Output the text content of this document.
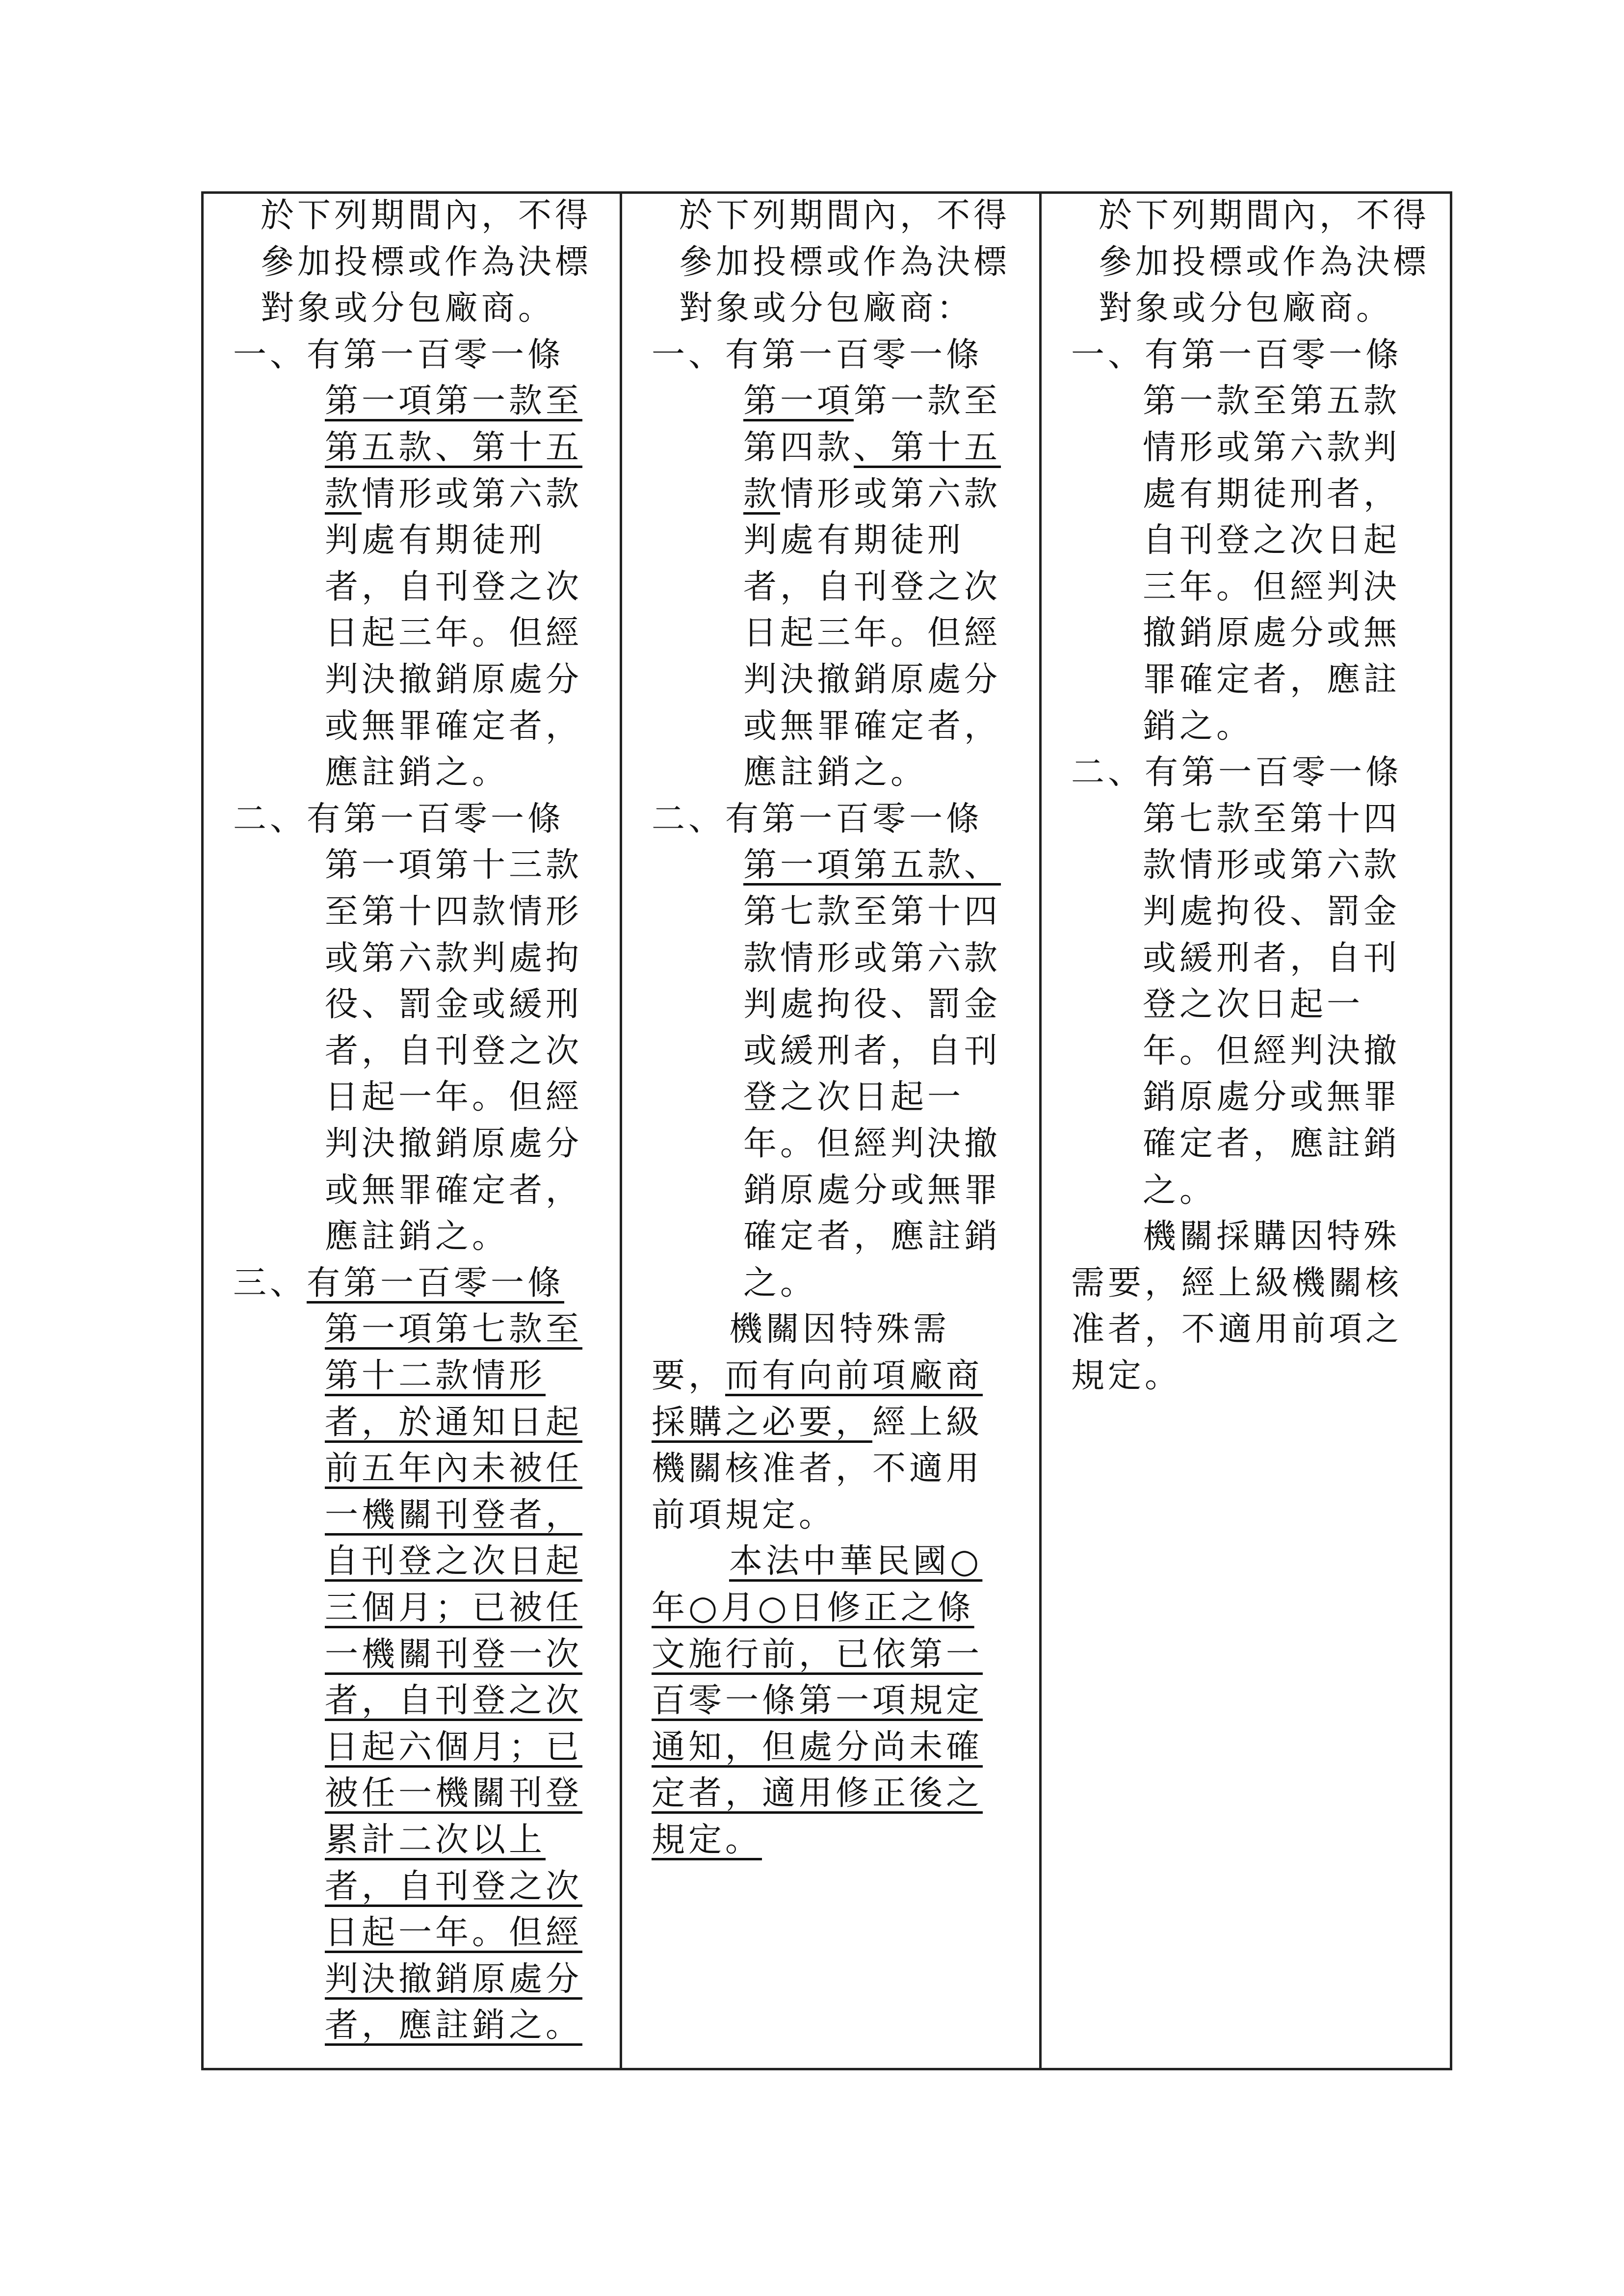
於下列期間內，不得
參加投標或作為決標
對象或分包廠商。
一、有第一百零一條
第一項第一款至
第五款、第十五
款情形或第六款
判處有期徒刑
者，自刊登之次
日起三年。但經
判決撤銷原處分
或無罪確定者，
應註銷之。
二、有第一百零一條
第一項第十三款
至第十四款情形
或第六款判處拘
役、罰金或緩刑
者，自刊登之次
日起一年。但經
判決撤銷原處分
或無罪確定者，
應註銷之。
三、有第一百零一條
第一項第七款至
第十二款情形
者，於通知日起
前五年內未被任
一機關刊登者，
自刊登之次日起
三個月；已被任
一機關刊登一次
者，自刊登之次
日起六個月；已
被任一機關刊登
累計二次以上
者，自刊登之次
日起一年。但經
判決撤銷原處分
者，應註銷之。
於下列期間內，不得
參加投標或作為決標
對象或分包廠商：
一、有第一百零一條
第一項第一款至
第四款、第十五
款情形或第六款
判處有期徒刑
者，自刊登之次
日起三年。但經
判決撤銷原處分
或無罪確定者，
應註銷之。
二、有第一百零一條
第一項第五款、
第七款至第十四
款情形或第六款
判處拘役、罰金
或緩刑者，自刊
登之次日起一
年。但經判決撤
銷原處分或無罪
確定者，應註銷
之。
機關因特殊需
要，而有向前項廠商
採購之必要，經上級
機關核准者，不適用
前項規定。
本法中華民國○
年○月○日修正之條
文施行前，已依第一
百零一條第一項規定
通知，但處分尚未確
定者，適用修正後之
規定。
於下列期間內，不得
參加投標或作為決標
對象或分包廠商。
一、有第一百零一條
第一款至第五款
情形或第六款判
處有期徒刑者，
自刊登之次日起
三年。但經判決
撤銷原處分或無
罪確定者，應註
銷之。
二、有第一百零一條
第七款至第十四
款情形或第六款
判處拘役、罰金
或緩刑者，自刊
登之次日起一
年。但經判決撤
銷原處分或無罪
確定者，應註銷
之。
機關採購因特殊
需要，經上級機關核
准者，不適用前項之
規定。
